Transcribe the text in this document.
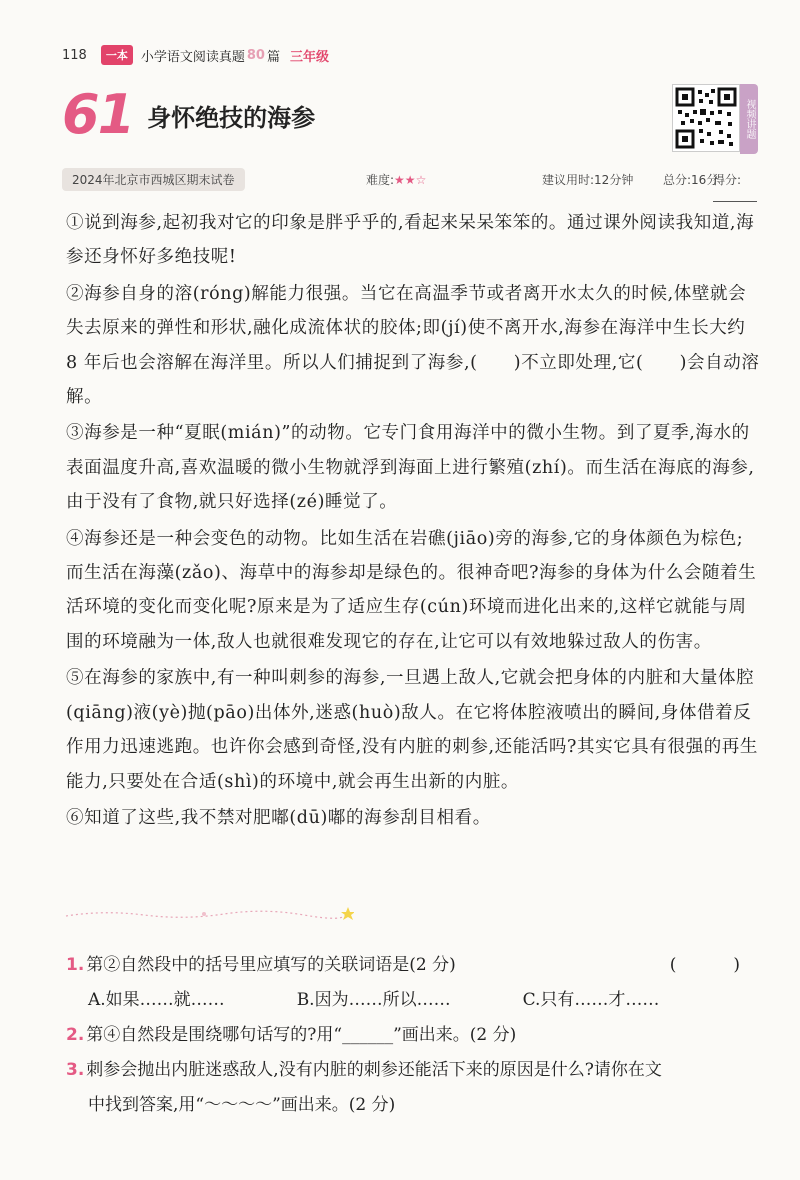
118	一本	小学语文阅读真题 80 篇 三年级
61 身怀绝技的海参	视频讲题
2024年北京市西城区期末试卷	难度:★★☆	建议用时:12分钟 总分:16分
得分:

①说到海参,起初我对它的印象是胖乎乎的,看起来呆呆笨笨的。通过课外阅读我知道,海参还身怀好多绝技呢!

②海参自身的溶(róng)解能力很强。当它在高温季节或者离开水太久的时候,体壁就会失去原来的弹性和形状,融化成流体状的胶体;即(jí)使不离开水,海参在海洋中生长大约 8 年后也会溶解在海洋里。所以人们捕捉到了海参,(　　)不立即处理,它(　　)会自动溶解。

③海参是一种“夏眠(mián)”的动物。它专门食用海洋中的微小生物。到了夏季,海水的表面温度升高,喜欢温暖的微小生物就浮到海面上进行繁殖(zhí)。而生活在海底的海参,由于没有了食物,就只好选择(zé)睡觉了。

④海参还是一种会变色的动物。比如生活在岩礁(jiāo)旁的海参,它的身体颜色为棕色;而生活在海藻(zǎo)、海草中的海参却是绿色的。很神奇吧?海参的身体为什么会随着生活环境的变化而变化呢?原来是为了适应生存(cún)环境而进化出来的,这样它就能与周围的环境融为一体,敌人也就很难发现它的存在,让它可以有效地躲过敌人的伤害。

⑤在海参的家族中,有一种叫刺参的海参,一旦遇上敌人,它就会把身体的内脏和大量体腔(qiāng)液(yè)抛(pāo)出体外,迷惑(huò)敌人。在它将体腔液喷出的瞬间,身体借着反作用力迅速逃跑。也许你会感到奇怪,没有内脏的刺参,还能活吗?其实它具有很强的再生能力,只要处在合适(shì)的环境中,就会再生出新的内脏。

⑥知道了这些,我不禁对肥嘟(dū)嘟的海参刮目相看。

1. 第②自然段中的括号里应填写的关联词语是(2 分)	(　)
A.如果……就……	B.因为……所以……	C.只有……才……
2. 第④自然段是围绕哪句话写的?用“______”画出来。(2 分)
3. 刺参会抛出内脏迷惑敌人,没有内脏的刺参还能活下来的原因是什么?请你在文
中找到答案,用“～～～～”画出来。(2 分)
